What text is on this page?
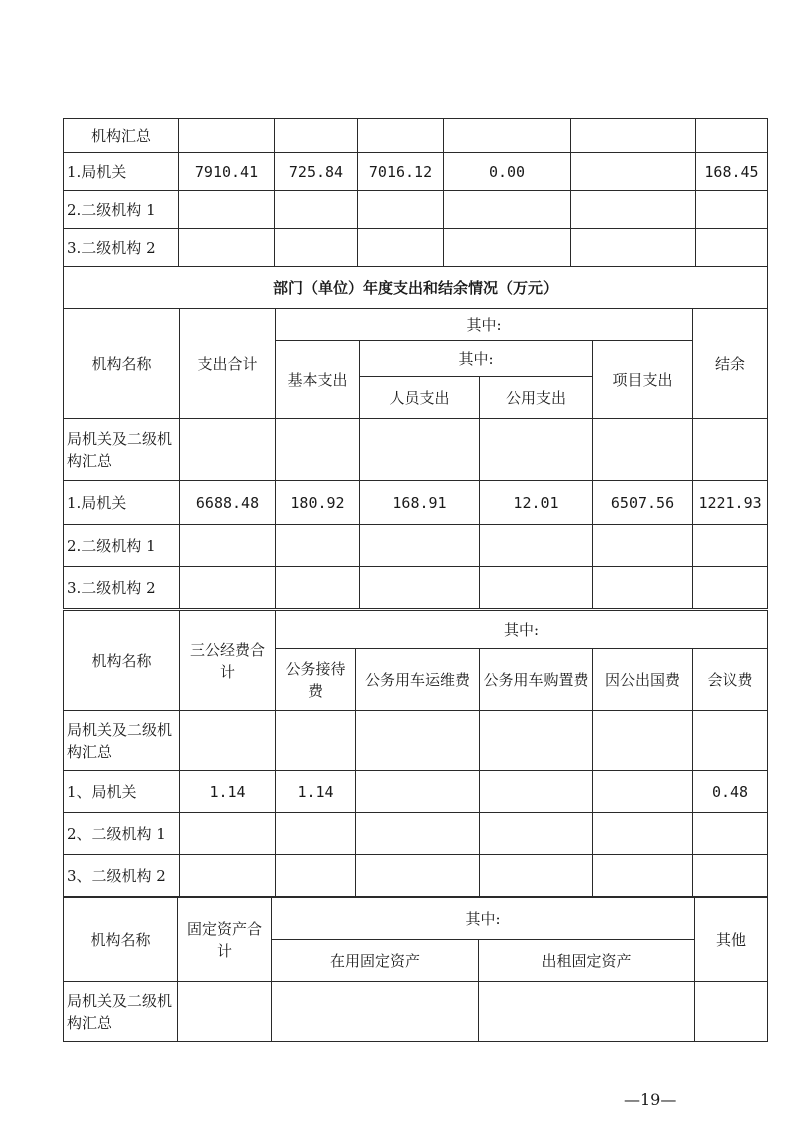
机构汇总						
1.局机关	7910.41	725.84	7016.12	0.00		168.45
2.二级机构 1						
3.二级机构 2						
部门（单位）年度支出和结余情况（万元）						
机构名称	支出合计	其中:				结余
		基本支出	其中:		项目支出	
			人员支出	公用支出		
局机关及二级机构汇总						
1.局机关	6688.48	180.92	168.91	12.01	6507.56	1221.93
2.二级机构 1						
3.二级机构 2						
机构名称	三公经费合计	其中:				
		公务接待费	公务用车运维费	公务用车购置费	因公出国费	会议费
局机关及二级机构汇总						
1、局机关	1.14	1.14				0.48
2、二级机构 1						
3、二级机构 2						
机构名称	固定资产合计	其中:		其他
		在用固定资产	出租固定资产	
局机关及二级机构汇总				
—19—
